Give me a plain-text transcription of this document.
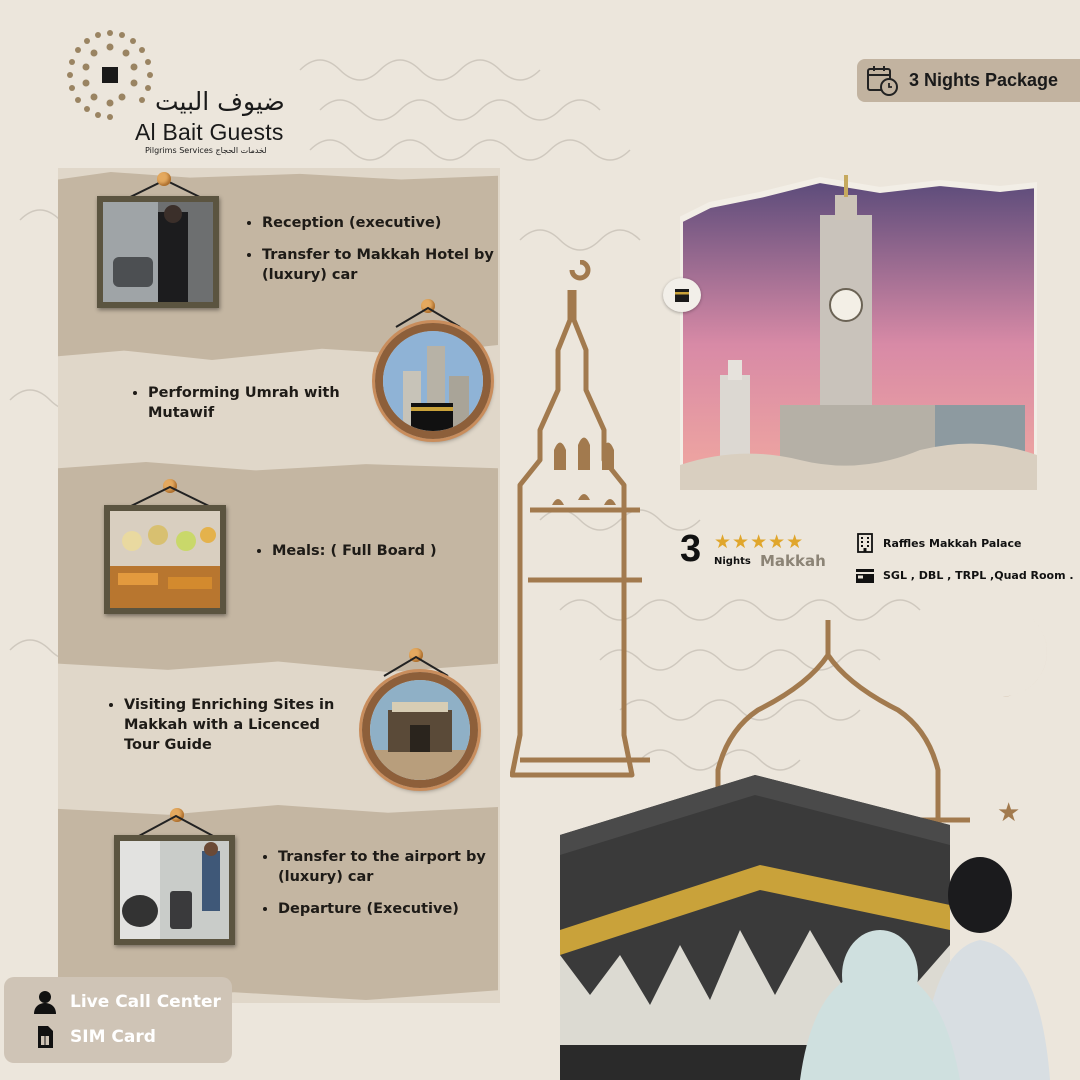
ضيوف البيت
Al Bait Guests
Pilgrims Services لخدمات الحجاج
3 Nights Package
• Reception (executive)
• Transfer to Makkah Hotel by (luxury) car
• Performing Umrah with Mutawif
• Meals: ( Full Board )
• Visiting Enriching Sites in Makkah with a Licenced Tour Guide
• Transfer to the airport by (luxury) car
• Departure (Executive)
Live Call Center
SIM Card
★
3 ★★★★★
Nights Makkah
Raffles Makkah Palace
SGL , DBL , TRPL ,Quad Room .
